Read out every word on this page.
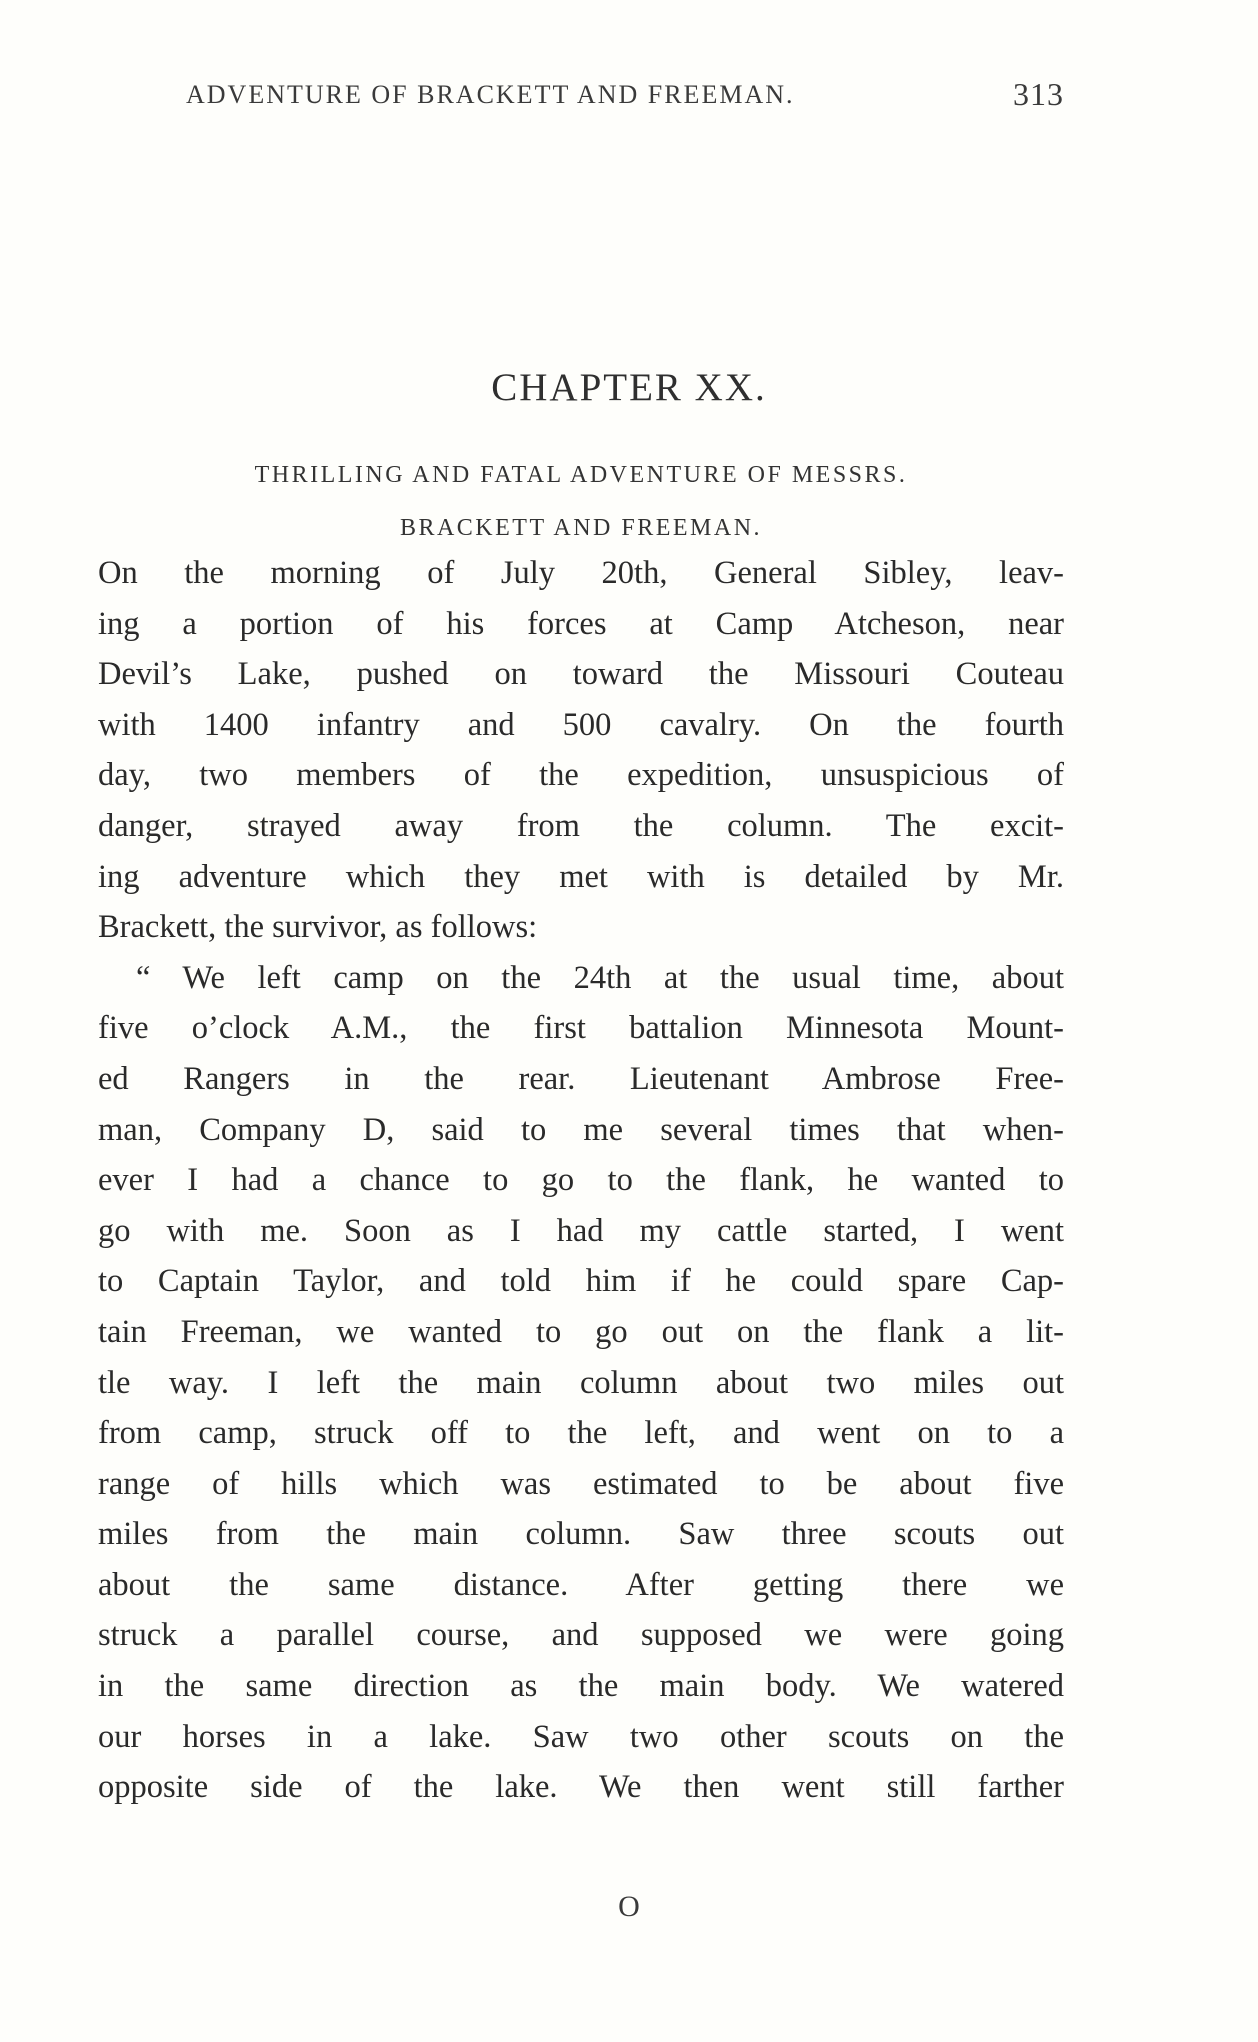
ADVENTURE OF BRACKETT AND FREEMAN.	313
CHAPTER XX.
THRILLING AND FATAL ADVENTURE OF MESSRS.
BRACKETT AND FREEMAN.
On the morning of July 20th, General Sibley, leav-
ing a portion of his forces at Camp Atcheson, near
Devil’s Lake, pushed on toward the Missouri Couteau
with 1400 infantry and 500 cavalry. On the fourth
day, two members of the expedition, unsuspicious of
danger, strayed away from the column. The excit-
ing adventure which they met with is detailed by Mr.
Brackett, the survivor, as follows:
“ We left camp on the 24th at the usual time, about
five o’clock A.M., the first battalion Minnesota Mount-
ed Rangers in the rear. Lieutenant Ambrose Free-
man, Company D, said to me several times that when-
ever I had a chance to go to the flank, he wanted to
go with me. Soon as I had my cattle started, I went
to Captain Taylor, and told him if he could spare Cap-
tain Freeman, we wanted to go out on the flank a lit-
tle way. I left the main column about two miles out
from camp, struck off to the left, and went on to a
range of hills which was estimated to be about five
miles from the main column. Saw three scouts out
about the same distance. After getting there we
struck a parallel course, and supposed we were going
in the same direction as the main body. We watered
our horses in a lake. Saw two other scouts on the
opposite side of the lake. We then went still farther
O
